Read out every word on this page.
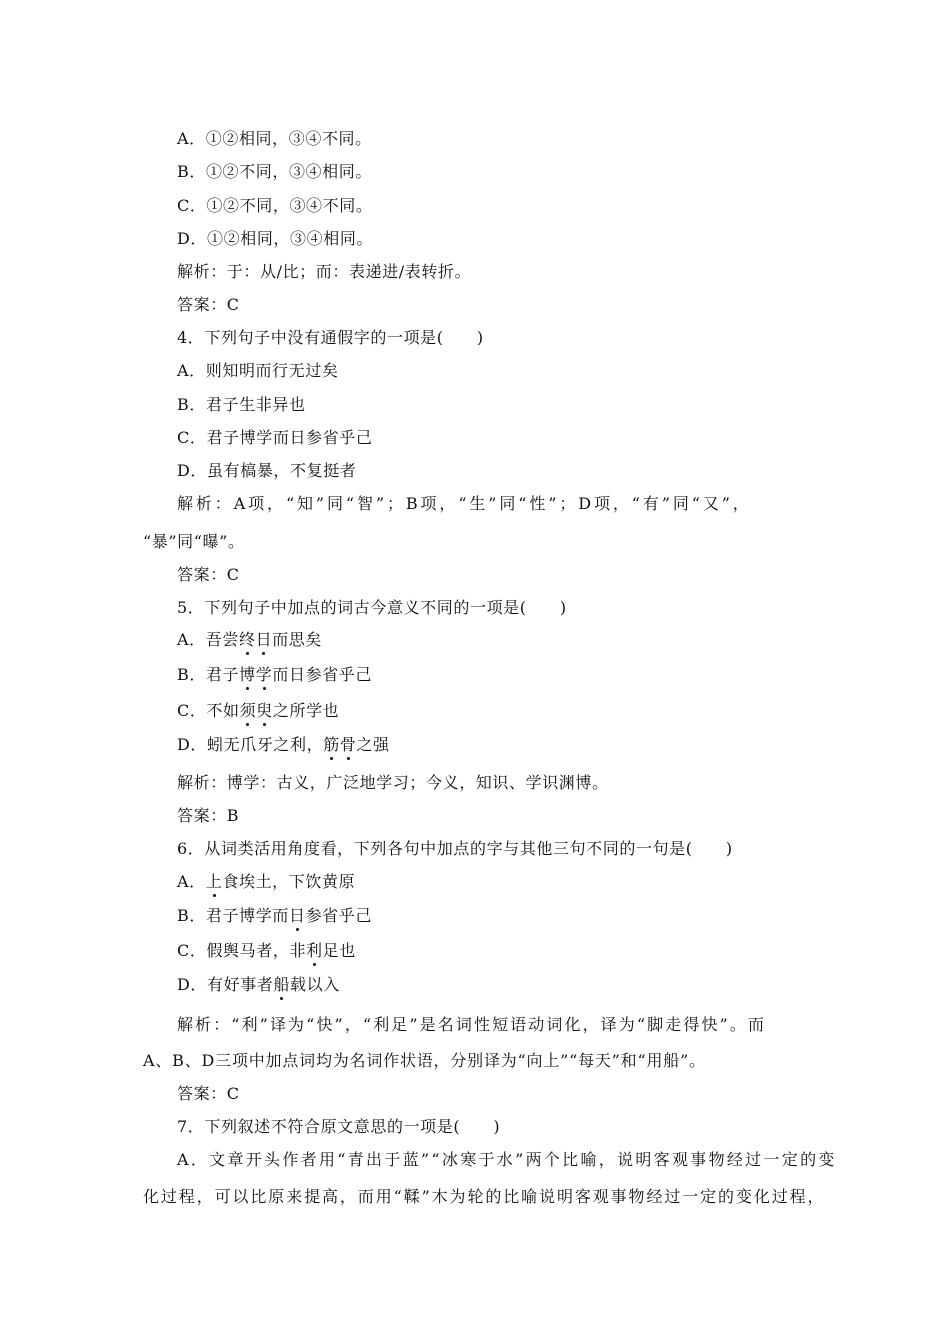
A．①②相同，③④不同。
B．①②不同，③④相同。
C．①②不同，③④不同。
D．①②相同，③④相同。
解析：于：从/比；而：表递进/表转折。
答案：C
4．下列句子中没有通假字的一项是(　　)
A．则知明而行无过矣
B．君子生非异也
C．君子博学而日参省乎己
D．虽有槁暴，不复挺者
解析：A项，“知”同“智”；B项，“生”同“性”；D项，“有”同“又”，
“暴”同“曝”。
答案：C
5．下列句子中加点的词古今意义不同的一项是(　　)
A．吾尝终日而思矣
B．君子博学而日参省乎己
C．不如须臾之所学也
D．蚓无爪牙之利，筋骨之强
解析：博学：古义，广泛地学习；今义，知识、学识渊博。
答案：B
6．从词类活用角度看，下列各句中加点的字与其他三句不同的一句是(　　)
A．上食埃土，下饮黄原
B．君子博学而日参省乎己
C．假舆马者，非利足也
D．有好事者船载以入
解析：“利”译为“快”，“利足”是名词性短语动词化，译为“脚走得快”。而
A、B、D三项中加点词均为名词作状语，分别译为“向上”“每天”和“用船”。
答案：C
7．下列叙述不符合原文意思的一项是(　　)
A．文章开头作者用“青出于蓝”“冰寒于水”两个比喻，说明客观事物经过一定的变
化过程，可以比原来提高，而用“鞣”木为轮的比喻说明客观事物经过一定的变化过程，
